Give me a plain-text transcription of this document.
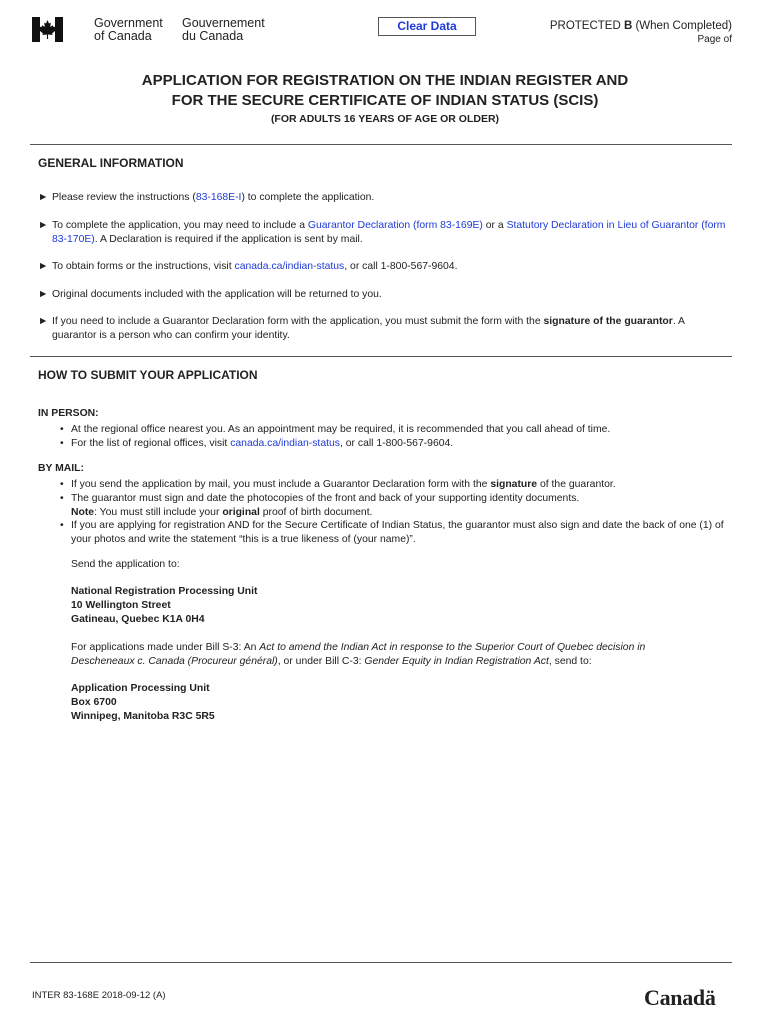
Government
of Canada
Gouvernement
du Canada
Clear Data	PROTECTED B (When Completed)
Page of
APPLICATION FOR REGISTRATION ON THE INDIAN REGISTER AND
FOR THE SECURE CERTIFICATE OF INDIAN STATUS (SCIS)
(FOR ADULTS 16 YEARS OF AGE OR OLDER)
GENERAL INFORMATION
► Please review the instructions (83-168E-I) to complete the application.
► To complete the application, you may need to include a Guarantor Declaration (form 83-169E) or a Statutory Declaration in Lieu of Guarantor (form 83-170E). A Declaration is required if the application is sent by mail.
► To obtain forms or the instructions, visit canada.ca/indian-status, or call 1-800-567-9604.
► Original documents included with the application will be returned to you.
► If you need to include a Guarantor Declaration form with the application, you must submit the form with the signature of the guarantor. A guarantor is a person who can confirm your identity.
HOW TO SUBMIT YOUR APPLICATION
IN PERSON:
• At the regional office nearest you. As an appointment may be required, it is recommended that you call ahead of time.
• For the list of regional offices, visit canada.ca/indian-status, or call 1-800-567-9604.
BY MAIL:
• If you send the application by mail, you must include a Guarantor Declaration form with the signature of the guarantor.
• The guarantor must sign and date the photocopies of the front and back of your supporting identity documents.
Note: You must still include your original proof of birth document.
• If you are applying for registration AND for the Secure Certificate of Indian Status, the guarantor must also sign and date the back of one (1) of your photos and write the statement “this is a true likeness of (your name)”.
Send the application to:
National Registration Processing Unit
10 Wellington Street
Gatineau, Quebec K1A 0H4
For applications made under Bill S-3: An Act to amend the Indian Act in response to the Superior Court of Quebec decision in Descheneaux c. Canada (Procureur général), or under Bill C-3: Gender Equity in Indian Registration Act, send to:
Application Processing Unit
Box 6700
Winnipeg, Manitoba R3C 5R5
INTER 83-168E 2018-09-12 (A)	Canadä
